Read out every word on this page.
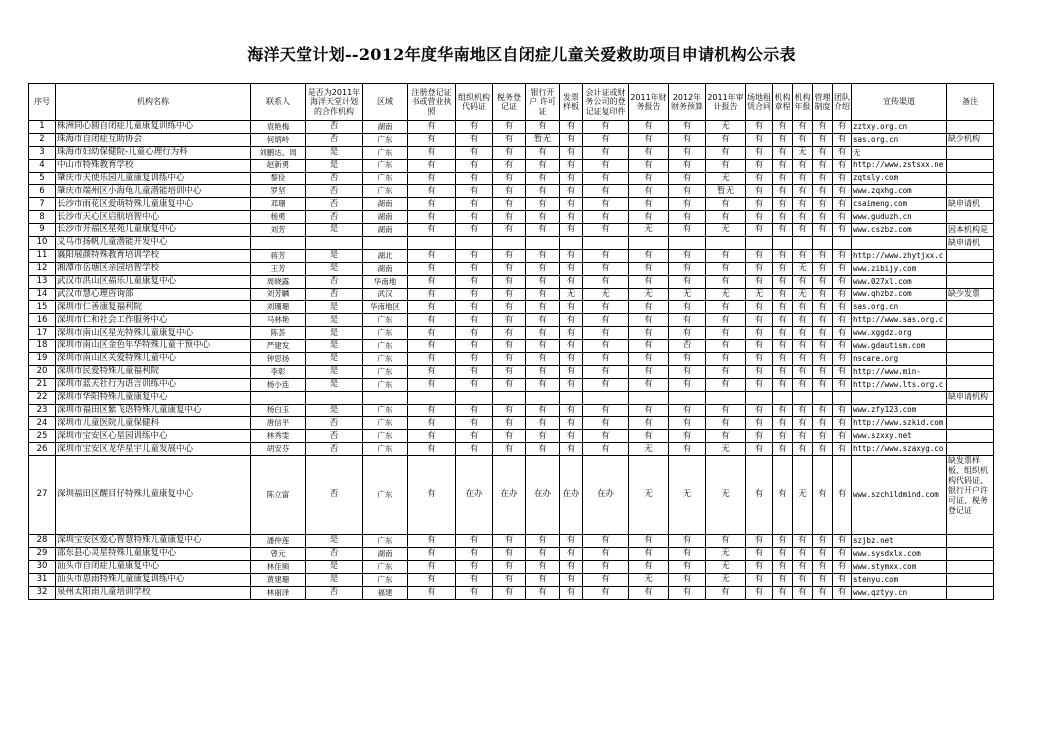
海洋天堂计划--2012年度华南地区自闭症儿童关爱救助项目申请机构公示表
序号	机构名称	联系人	是否为2011年海洋天堂计划的合作机构	区域	注册登记证书或营业执照	组织机构代码证	税务登记证	银行开户 许可证	发票样板	会计证或财务公司的登记证复印件	2011年财务报告	2012年财务预算	2011年审计报告	场地租赁合同	机构章程	机构年报	管理制度	团队介绍	宣传渠道	备注
1	株洲同心圆自闭症儿童康复训练中心	袁艳梅	否	湖南	有	有	有	有	有	有	有	有	无	有	有	有	有	有	zztxy.org.cn	
2	珠海市自闭症互助协会	何炳岭	否	广东	有	有	有	暂无	有	有	有	有	有	有	有	有	有	有	sas.org.cn	缺少机构
3	珠海市妇幼保健院-儿童心理行为科	刘鹏达、周	是	广东	有	有	有	有	有	有	有	有	有	有	有	无	有	有	无	
4	中山市特殊教育学校	赵新勇	是	广东	有	有	有	有	有	有	有	有	有	有	有	有	有	有	http://www.zstsxx.ne	
5	肇庆市天使乐园儿童康复训练中心	黎俭	否	广东	有	有	有	有	有	有	有	有	无	有	有	有	有	有	zqtsly.com	
6	肇庆市端州区小海龟儿童潜能培训中心	罗坚	否	广东	有	有	有	有	有	有	有	有	暂无	有	有	有	有	有	www.zqxhg.com	
7	长沙市雨花区爱萌特殊儿童康复中心	邓珊	否	湖南	有	有	有	有	有	有	有	有	有	有	有	有	有	有	csaimeng.com	缺申请机
8	长沙市天心区启航培智中心	杨勇	否	湖南	有	有	有	有	有	有	有	有	有	有	有	有	有	有	www.guduzh.cn	
9	长沙市开福区星苑儿童康复中心	刘芳	是	湖南	有	有	有	有	有	有	无	有	无	有	有	有	有	有	www.cszbz.com	因本机构是
10	义乌市扬帆儿童潜能开发中心																			缺申请机
11	襄阳展颜特殊教育培训学校	蒋芳	是	湖北	有	有	有	有	有	有	有	有	有	有	有	有	有	有	http://www.zhytjxx.c	
12	湘潭市岳塘区亲园培智学校	王芳	是	湖南	有	有	有	有	有	有	有	有	有	有	有	无	有	有	www.zibijy.com	
13	武汉市洪山区福乐儿童康复中心	周晓露	否	华南地	有	有	有	有	有	有	有	有	有	有	有	有	有	有	www.027xl.com	
14	武汉市慧心理咨询部	刘芳麟	否	武汉	有	有	有	有	无	无	无	无	无	无	有	无	有	有	www.qhzbz.com	缺少发票
15	深圳市仁善康复福利院	刘珊珊	是	华南地区	有	有	有	有	有	有	有	有	有	有	有	有	有	有	sas.org.cn	
16	深圳市仁和社会工作服务中心	马林艳	是	广东	有	有	有	有	有	有	有	有	有	有	有	有	有	有	http://www.sas.org.c	
17	深圳市南山区星光特殊儿童康复中心	陈荟	是	广东	有	有	有	有	有	有	有	有	有	有	有	有	有	有	www.xggdz.org	
18	深圳市南山区金色年华特殊儿童干预中心	严建发	是	广东	有	有	有	有	有	有	有	否	有	有	有	有	有	有	www.gdautism.com	
19	深圳市南山区关爱特殊儿童中心	钟思扬	是	广东	有	有	有	有	有	有	有	有	有	有	有	有	有	有	nscare.org	
20	深圳市民爱特殊儿童福利院	李彰	是	广东	有	有	有	有	有	有	有	有	有	有	有	有	有	有	http://www.min-	
21	深圳市蓝天社行为语言训练中心	杨小连	是	广东	有	有	有	有	有	有	有	有	有	有	有	有	有	有	http://www.lts.org.c	
22	深圳市华阳特殊儿童康复中心																			缺申请机构
23	深圳市福田区紫飞语特殊儿童康复中心	杨白玉	是	广东	有	有	有	有	有	有	有	有	有	有	有	有	有	有	www.zfy123.com	
24	深圳市儿童医院儿童保健科	唐信平	否	广东	有	有	有	有	有	有	有	有	有	有	有	有	有	有	http://www.szkid.com	
25	深圳市宝安区心星园训练中心	林秀雯	否	广东	有	有	有	有	有	有	有	有	有	有	有	有	有	有	www.szxxy.net	
26	深圳市宝安区龙华星宇儿童发展中心	胡安芬	否	广东	有	有	有	有	有	有	无	有	无	有	有	有	有	有	http://www.szaxyg.co	
27	深圳福田区醒目仔特殊儿童康复中心	陈立富	否	广东	有	在办	在办	在办	在办	在办	无	无	无	有	有	无	有	有	www.szchildmind.com	缺发票样板、组织机构代码证、银行开户许可证、税务登记证
28	深圳宝安区爱心智慧特殊儿童康复中心	潘仲莲	是	广东	有	有	有	有	有	有	有	有	有	有	有	有	有	有	szjbz.net	
29	邵东县心灵星特殊儿童康复中心	曾元	否	湖南	有	有	有	有	有	有	有	有	无	有	有	有	有	有	www.sysdxlx.com	
30	汕头市自闭症儿童康复中心	林佳频	是	广东	有	有	有	有	有	有	有	有	无	有	有	有	有	有	www.stymxx.com	
31	汕头市恩雨特殊儿童康复训练中心	黄建珊	是	广东	有	有	有	有	有	有	无	有	无	有	有	有	有	有	stenyu.com	
32	泉州太阳雨儿童培训学校	林丽泽	否	福建	有	有	有	有	有	有	有	有	有	有	有	有	有	有	www.qztyy.cn	
